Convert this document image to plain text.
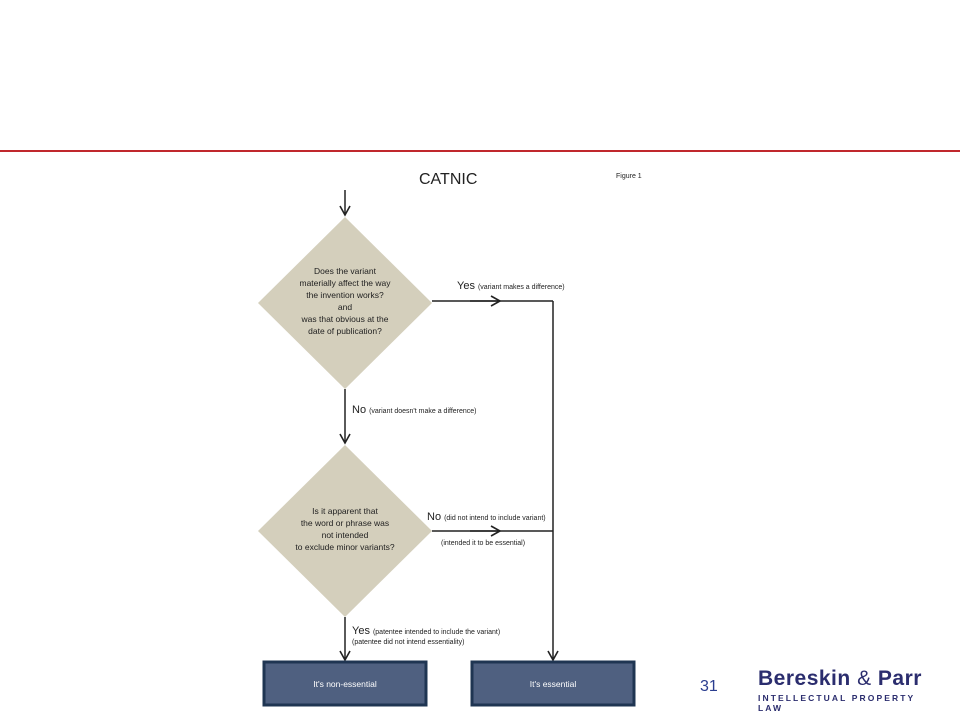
CATNIC	Figure 1
Does the variant
materially affect the way
the invention works?
and
was that obvious at the
date of publication?
Yes (variant makes a difference)
No (variant doesn't make a difference)
Is it apparent that
the word or phrase was
not intended
to exclude minor variants?
No (did not intend to include variant)
(intended it to be essential)
Yes (patentee intended to include the variant)
(patentee did not intend essentiality)
It's non-essential	It's essential	31 Bereskin & Parr
INTELLECTUAL PROPERTY LAW
